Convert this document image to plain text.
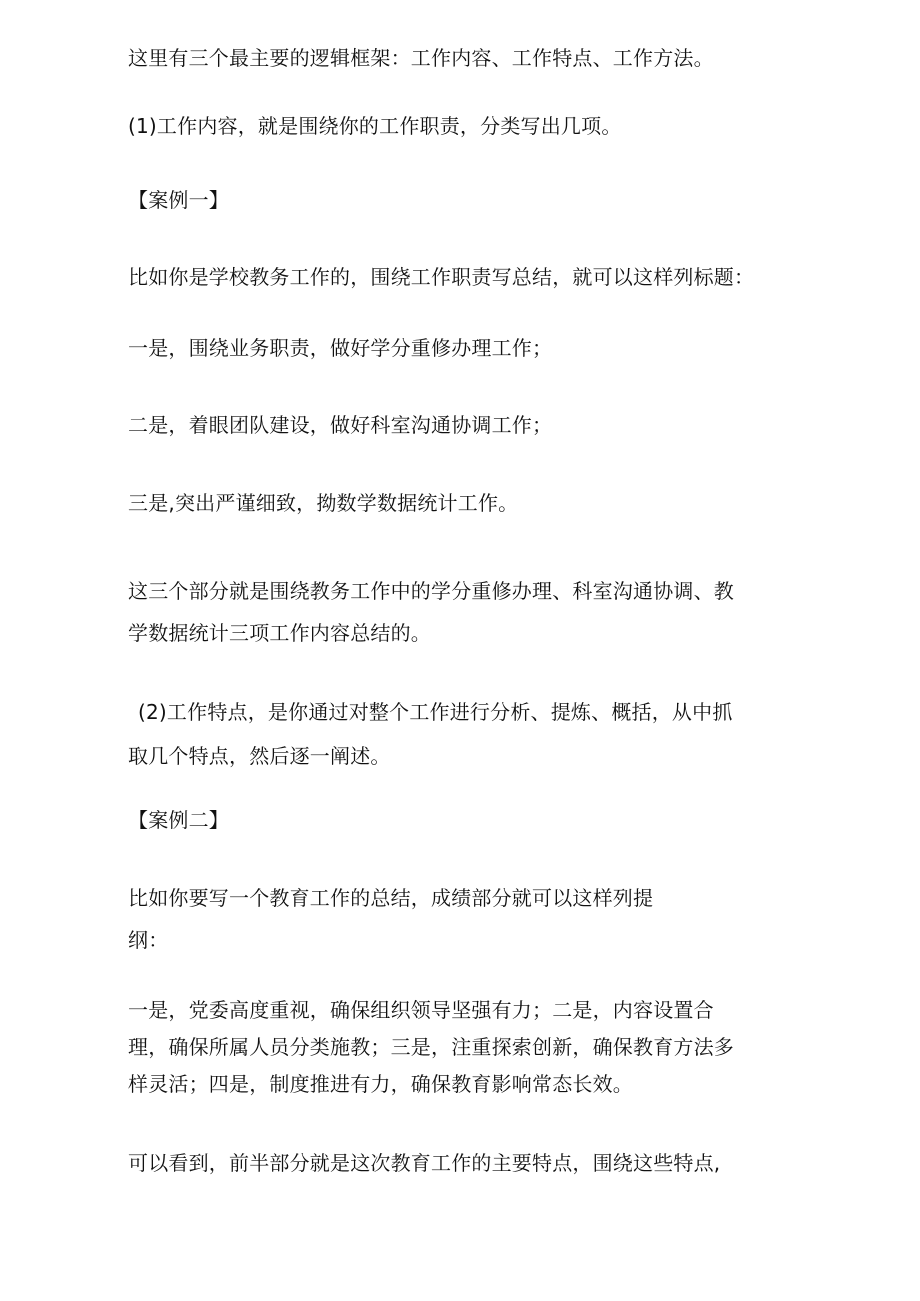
这里有三个最主要的逻辑框架：工作内容、工作特点、工作方法。
(1)工作内容，就是围绕你的工作职责，分类写出几项。
【案例一】
比如你是学校教务工作的，围绕工作职责写总结，就可以这样列标题：
一是，围绕业务职责，做好学分重修办理工作；
二是，着眼团队建设，做好科室沟通协调工作；
三是,突出严谨细致，拗数学数据统计工作。
这三个部分就是围绕教务工作中的学分重修办理、科室沟通协调、教
学数据统计三项工作内容总结的。
(2)工作特点，是你通过对整个工作进行分析、提炼、概括，从中抓
取几个特点，然后逐一阐述。
【案例二】
比如你要写一个教育工作的总结，成绩部分就可以这样列提
纲：
一是，党委高度重视，确保组织领导坚强有力；二是，内容设置合
理，确保所属人员分类施教；三是，注重探索创新，确保教育方法多
样灵活；四是，制度推进有力，确保教育影响常态长效。
可以看到，前半部分就是这次教育工作的主要特点，围绕这些特点,
